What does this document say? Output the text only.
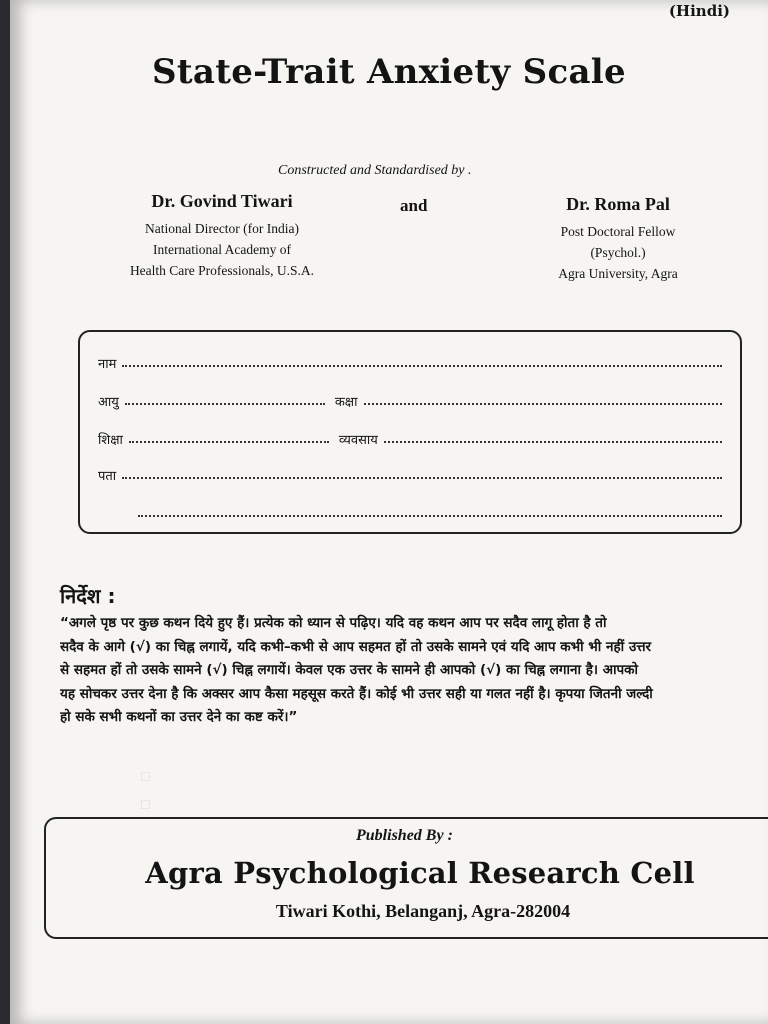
(Hindi)
State-Trait Anxiety Scale
Constructed and Standardised by .
Dr. Govind Tiwari
National Director (for India)
International Academy of
Health Care Professionals, U.S.A.
and	Dr. Roma Pal
Post Doctoral Fellow
(Psychol.)
Agra University, Agra
नाम
आयु	कक्षा
शिक्षा	व्यवसाय
पता
निर्देश :
“अगले पृष्ठ पर कुछ कथन दिये हुए हैं। प्रत्येक को ध्यान से पढ़िए। यदि वह कथन आप पर सदैव लागू होता है तो
सदैव के आगे (√) का चिह्न लगायें, यदि कभी–कभी से आप सहमत हों तो उसके सामने एवं यदि आप कभी भी नहीं उत्तर
से सहमत हों तो उसके सामने (√) चिह्न लगायें। केवल एक उत्तर के सामने ही आपको (√) का चिह्न लगाना है। आपको
यह सोचकर उत्तर देना है कि अक्सर आप कैसा महसूस करते हैं। कोई भी उत्तर सही या गलत नहीं है। कृपया जितनी जल्दी
हो सके सभी कथनों का उत्तर देने का कष्ट करें।”
☐
☐
Published By :
Agra Psychological Research Cell
Tiwari Kothi, Belanganj, Agra-282004
